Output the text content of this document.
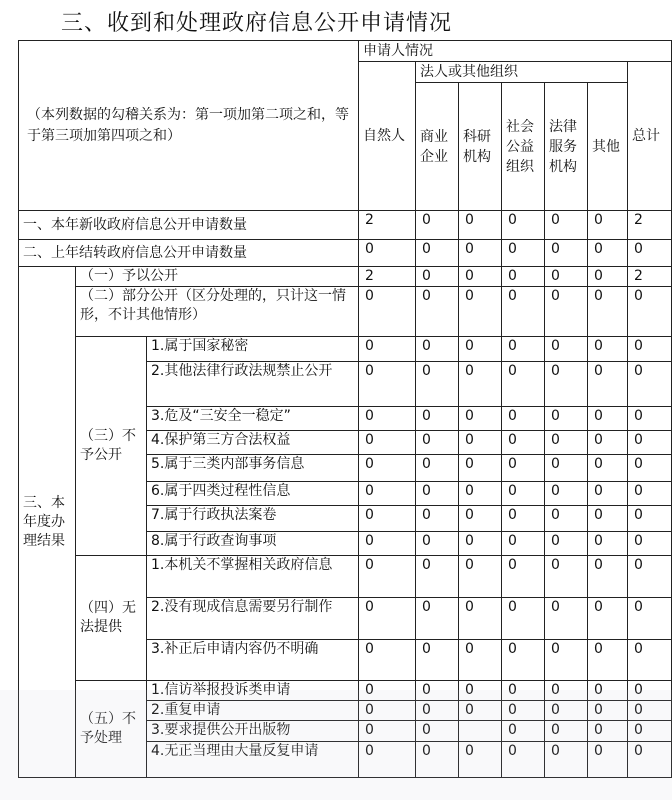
三、收到和处理政府信息公开申请情况
（本列数据的勾稽关系为：第一项加第二项之和，等于第三项加第四项之和）			申请人情况						
			自然人	法人或其他组织					总计
				商业企业	科研机构	社会公益组织	法律服务机构	其他	
一、本年新收政府信息公开申请数量			2	0	0	0	0	0	2
二、上年结转政府信息公开申请数量			0	0	0	0	0	0	0
三、本年度办理结果	（一）予以公开		2	0	0	0	0	0	2
	（二）部分公开（区分处理的，只计这一情形，不计其他情形）		0	0	0	0	0	0	0
	（三）不予公开	1.属于国家秘密	0	0	0	0	0	0	0
		2.其他法律行政法规禁止公开	0	0	0	0	0	0	0
		3.危及“三安全一稳定”	0	0	0	0	0	0	0
		4.保护第三方合法权益	0	0	0	0	0	0	0
		5.属于三类内部事务信息	0	0	0	0	0	0	0
		6.属于四类过程性信息	0	0	0	0	0	0	0
		7.属于行政执法案卷	0	0	0	0	0	0	0
		8.属于行政查询事项	0	0	0	0	0	0	0
	（四）无法提供	1.本机关不掌握相关政府信息	0	0	0	0	0	0	0
		2.没有现成信息需要另行制作	0	0	0	0	0	0	0
		3.补正后申请内容仍不明确	0	0	0	0	0	0	0
	（五）不予处理	1.信访举报投诉类申请	0	0	0	0	0	0	0
		2.重复申请	0	0	0	0	0	0	0
		3.要求提供公开出版物	0	0		0	0	0	0
		4.无正当理由大量反复申请	0	0	0	0	0	0	0
